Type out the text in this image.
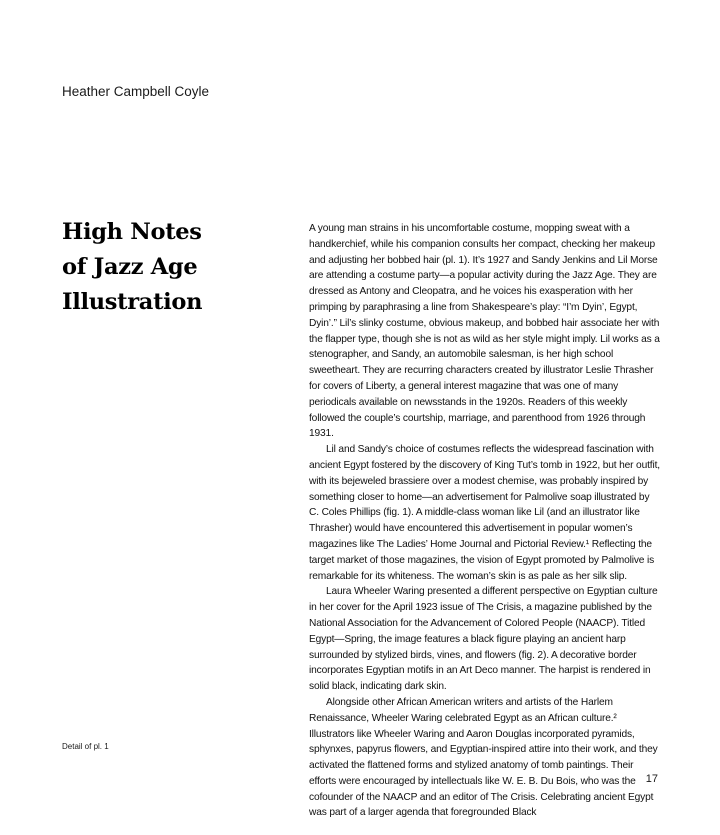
Heather Campbell Coyle
High Notes
of Jazz Age
Illustration

A young man strains in his uncomfortable costume, mopping sweat with a handkerchief, while his companion consults her compact, checking her makeup and adjusting her bobbed hair (pl. 1). It’s 1927 and Sandy Jenkins and Lil Morse are attending a costume party—a popular activity during the Jazz Age. They are dressed as Antony and Cleopatra, and he voices his exasperation with her primping by paraphrasing a line from Shakespeare’s play: “I’m Dyin’, Egypt, Dyin’.” Lil’s slinky costume, obvious makeup, and bobbed hair associate her with the flapper type, though she is not as wild as her style might imply. Lil works as a stenographer, and Sandy, an automobile salesman, is her high school sweetheart. They are recurring characters created by illustrator Leslie Thrasher for covers of Liberty, a general interest magazine that was one of many periodicals available on newsstands in the 1920s. Readers of this weekly followed the couple’s courtship, marriage, and parenthood from 1926 through 1931.

Lil and Sandy’s choice of costumes reflects the widespread fascination with ancient Egypt fostered by the discovery of King Tut’s tomb in 1922, but her outfit, with its bejeweled brassiere over a modest chemise, was probably inspired by something closer to home—an advertisement for Palmolive soap illustrated by C. Coles Phillips (fig. 1). A middle-class woman like Lil (and an illustrator like Thrasher) would have encountered this advertisement in popular women’s magazines like The Ladies’ Home Journal and Pictorial Review.¹ Reflecting the target market of those magazines, the vision of Egypt promoted by Palmolive is remarkable for its whiteness. The woman’s skin is as pale as her silk slip.

Laura Wheeler Waring presented a different perspective on Egyptian culture in her cover for the April 1923 issue of The Crisis, a magazine published by the National Association for the Advancement of Colored People (NAACP). Titled Egypt—Spring, the image features a black figure playing an ancient harp surrounded by stylized birds, vines, and flowers (fig. 2). A decorative border incorporates Egyptian motifs in an Art Deco manner. The harpist is rendered in solid black, indicating dark skin.

Alongside other African American writers and artists of the Harlem Renaissance, Wheeler Waring celebrated Egypt as an African culture.² Illustrators like Wheeler Waring and Aaron Douglas incorporated pyramids, sphynxes, papyrus flowers, and Egyptian-inspired attire into their work, and they activated the flattened forms and stylized anatomy of tomb paintings. Their efforts were encouraged by intellectuals like W. E. B. Du Bois, who was the cofounder of the NAACP and an editor of The Crisis. Celebrating ancient Egypt was part of a larger agenda that foregrounded Black

Detail of pl. 1
17
